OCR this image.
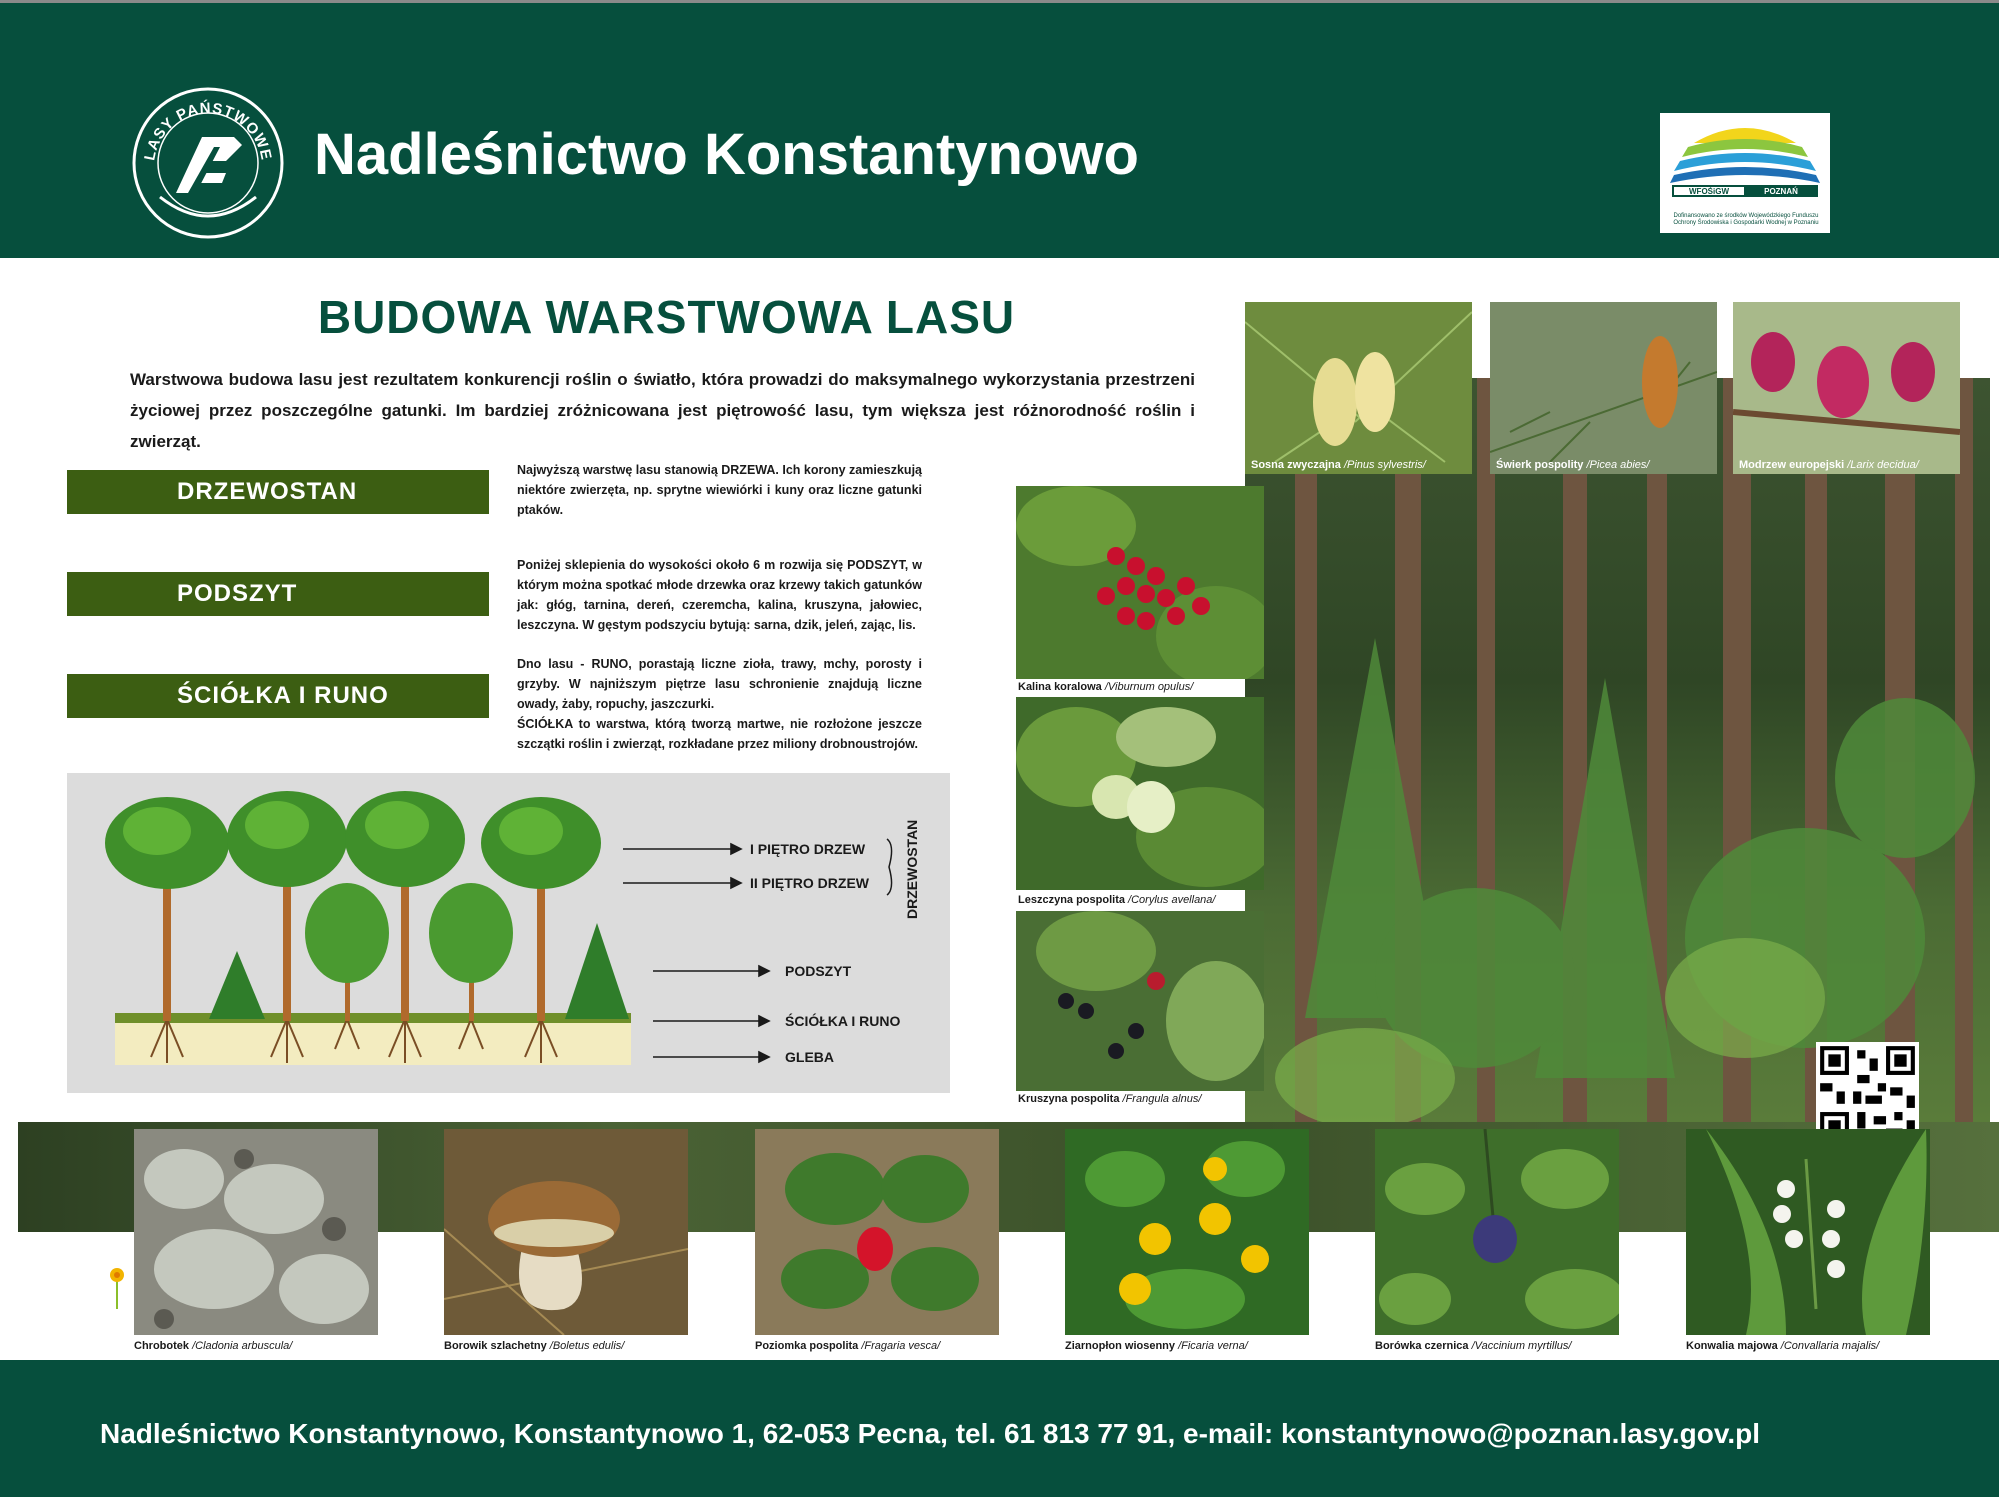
LASY PAŃSTWOWE Nadleśnictwo Konstantynowo
WFOŚiGW	POZNAŃ
Dofinansowano ze środków Wojewódzkiego Funduszu Ochrony Środowiska i Gospodarki Wodnej w Poznaniu
BUDOWA WARSTWOWA LASU
Warstwowa budowa lasu jest rezultatem konkurencji roślin o światło, która prowadzi do maksymalnego wykorzystania przestrzeni życiowej przez poszczególne gatunki. Im bardziej zróżnicowana jest piętrowość lasu, tym większa jest różnorodność roślin i zwierząt.
DRZEWOSTAN
Najwyższą warstwę lasu stanowią DRZEWA. Ich korony zamieszkują niektóre zwierzęta, np. sprytne wiewiórki i kuny oraz liczne gatunki ptaków.
PODSZYT
Poniżej sklepienia do wysokości około 6 m rozwija się PODSZYT, w którym można spotkać młode drzewka oraz krzewy takich gatunków jak: głóg, tarnina, dereń, czeremcha, kalina, kruszyna, jałowiec, leszczyna. W gęstym podszyciu bytują: sarna, dzik, jeleń, zając, lis.
ŚCIÓŁKA I RUNO
Dno lasu - RUNO, porastają liczne zioła, trawy, mchy, porosty i grzyby. W najniższym piętrze lasu schronienie znajdują liczne owady, żaby, ropuchy, jaszczurki.
ŚCIÓŁKA to warstwa, którą tworzą martwe, nie rozłożone jeszcze szczątki roślin i zwierząt, rozkładane przez miliony drobnoustrojów.
I PIĘTRO DRZEW
II PIĘTRO DRZEW
PODSZYT
ŚCIÓŁKA I RUNO
GLEBA
DRZEWOSTAN
Sosna zwyczajna /Pinus sylvestris/	Świerk pospolity /Picea abies/	Modrzew europejski /Larix decidua/
Kalina koralowa /Viburnum opulus/
Leszczyna pospolita /Corylus avellana/
Kruszyna pospolita /Frangula alnus/
Chrobotek /Cladonia arbuscula/	Borowik szlachetny /Boletus edulis/	Poziomka pospolita /Fragaria vesca/	Ziarnopłon wiosenny /Ficaria verna/	Borówka czernica /Vaccinium myrtillus/	Konwalia majowa /Convallaria majalis/
Nadleśnictwo Konstantynowo, Konstantynowo 1, 62-053 Pecna, tel. 61 813 77 91, e-mail: konstantynowo@poznan.lasy.gov.pl
